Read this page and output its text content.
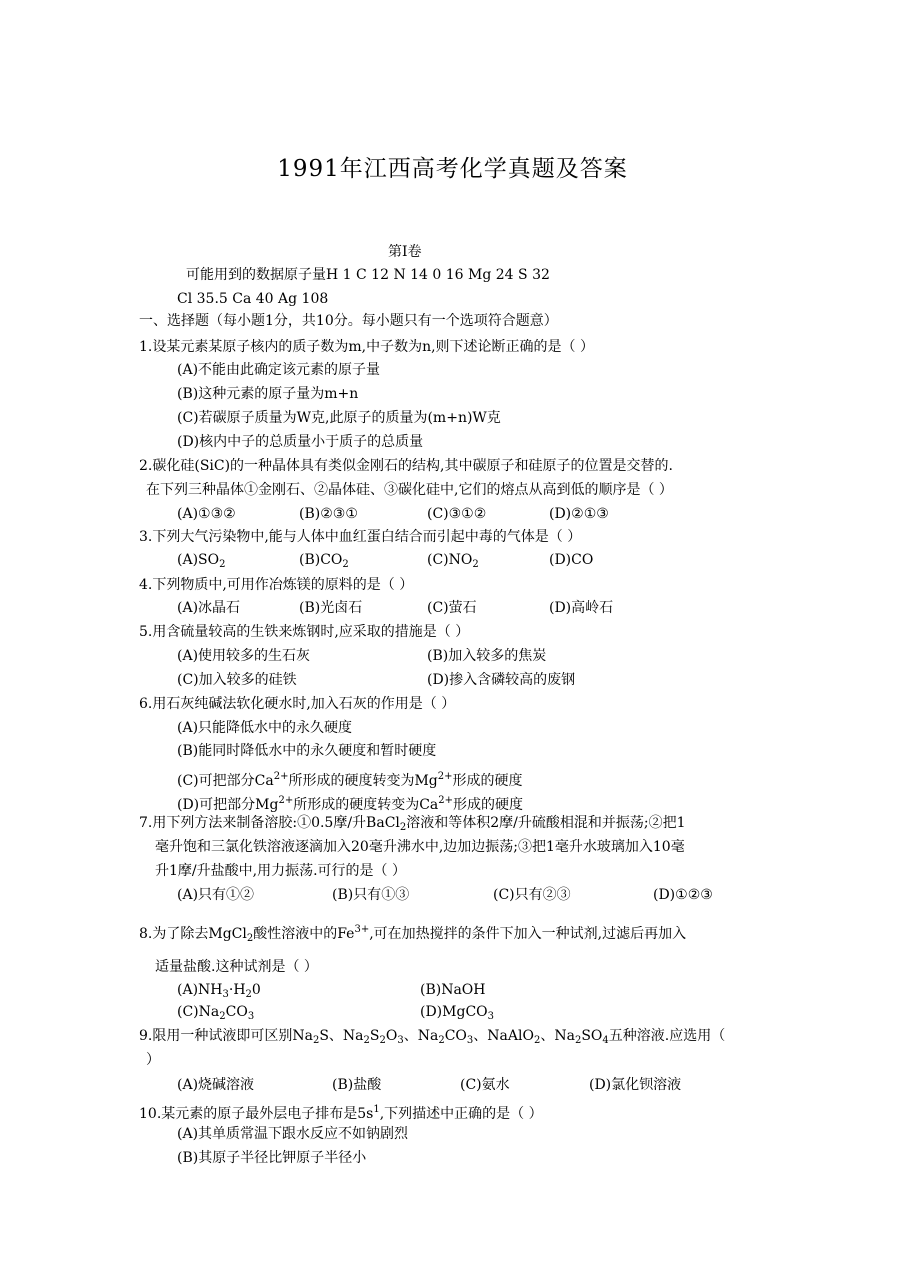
1991年江西高考化学真题及答案
第Ⅰ卷
可能用到的数据原子量H 1 C 12 N 14 0 16 Mg 24 S 32
Cl 35.5 Ca 40 Ag 108
一、选择题（每小题1分，共10分。每小题只有一个选项符合题意）
1.设某元素某原子核内的质子数为m,中子数为n,则下述论断正确的是（ ）
(A)不能由此确定该元素的原子量
(B)这种元素的原子量为m+n
(C)若碳原子质量为W克,此原子的质量为(m+n)W克
(D)核内中子的总质量小于质子的总质量
2.碳化硅(SiC)的一种晶体具有类似金刚石的结构,其中碳原子和硅原子的位置是交替的.
在下列三种晶体①金刚石、②晶体硅、③碳化硅中,它们的熔点从高到低的顺序是（ ）
(A)①③②	(B)②③①	(C)③①②	(D)②①③
3.下列大气污染物中,能与人体中血红蛋白结合而引起中毒的气体是（ ）
$(A)SO_2$	$(B)CO_2$	$(C)NO_2$	(D)CO
4.下列物质中,可用作冶炼镁的原料的是（ ）
(A)冰晶石	(B)光卤石	(C)萤石	(D)高岭石
5.用含硫量较高的生铁来炼钢时,应采取的措施是（ ）
(A)使用较多的生石灰	(B)加入较多的焦炭
(C)加入较多的硅铁	(D)掺入含磷较高的废钢
6.用石灰纯碱法软化硬水时,加入石灰的作用是（ ）
(A)只能降低水中的永久硬度
(B)能同时降低水中的永久硬度和暂时硬度
(C)可把部分$Ca^{2+}$所形成的硬度转变为$Mg^{2+}$形成的硬度
(D)可把部分$Mg^{2+}$所形成的硬度转变为$Ca^{2+}$形成的硬度
7.用下列方法来制备溶胶:①0.5摩/升BaCl$_2$溶液和等体积2摩/升硫酸相混和并振荡;②把1
毫升饱和三氯化铁溶液逐滴加入20毫升沸水中,边加边振荡;③把1毫升水玻璃加入10毫
升1摩/升盐酸中,用力振荡.可行的是（ ）
(A)只有①②	(B)只有①③	(C)只有②③	(D)①②③
8.为了除去MgCl$_2$酸性溶液中的$Fe^{3+}$,可在加热搅拌的条件下加入一种试剂,过滤后再加入
适量盐酸.这种试剂是（ ）
$(A)NH_3\cdot H_20$	(B)NaOH
$(C)Na_2CO_3$	(D)MgCO$_3$
9.限用一种试液即可区别$Na_2S$、$Na_2S_2O_3$、$Na_2CO_3$、NaAlO$_2$、$Na_2SO_4$五种溶液.应选用（
）
(A)烧碱溶液	(B)盐酸	(C)氨水	(D)氯化钡溶液
10.某元素的原子最外层电子排布是$5s^1$,下列描述中正确的是（ ）
(A)其单质常温下跟水反应不如钠剧烈
(B)其原子半径比钾原子半径小
